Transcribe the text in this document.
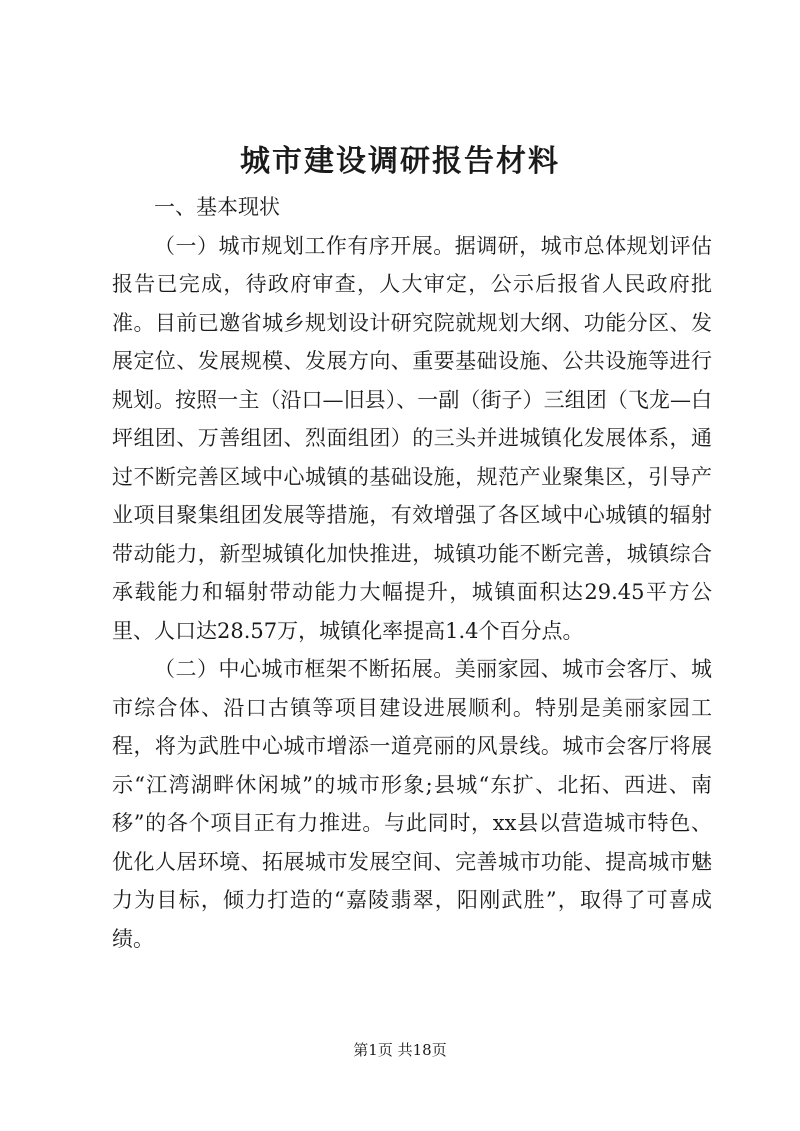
城市建设调研报告材料

一、基本现状

（一）城市规划工作有序开展。据调研，城市总体规划评估报告已完成，待政府审查，人大审定，公示后报省人民政府批准。目前已邀省城乡规划设计研究院就规划大纲、功能分区、发展定位、发展规模、发展方向、重要基础设施、公共设施等进行规划。按照一主（沿口—旧县）、一副（街子）三组团（飞龙—白坪组团、万善组团、烈面组团）的三头并进城镇化发展体系，通过不断完善区域中心城镇的基础设施，规范产业聚集区，引导产业项目聚集组团发展等措施，有效增强了各区域中心城镇的辐射带动能力，新型城镇化加快推进，城镇功能不断完善，城镇综合承载能力和辐射带动能力大幅提升，城镇面积达29.45平方公里、人口达28.57万，城镇化率提高1.4个百分点。

（二）中心城市框架不断拓展。美丽家园、城市会客厅、城市综合体、沿口古镇等项目建设进展顺利。特别是美丽家园工程，将为武胜中心城市增添一道亮丽的风景线。城市会客厅将展示“江湾湖畔休闲城”的城市形象;县城“东扩、北拓、西进、南移”的各个项目正有力推进。与此同时，xx县以营造城市特色、优化人居环境、拓展城市发展空间、完善城市功能、提高城市魅力为目标，倾力打造的“嘉陵翡翠，阳刚武胜”，取得了可喜成绩。

第1页 共18页
